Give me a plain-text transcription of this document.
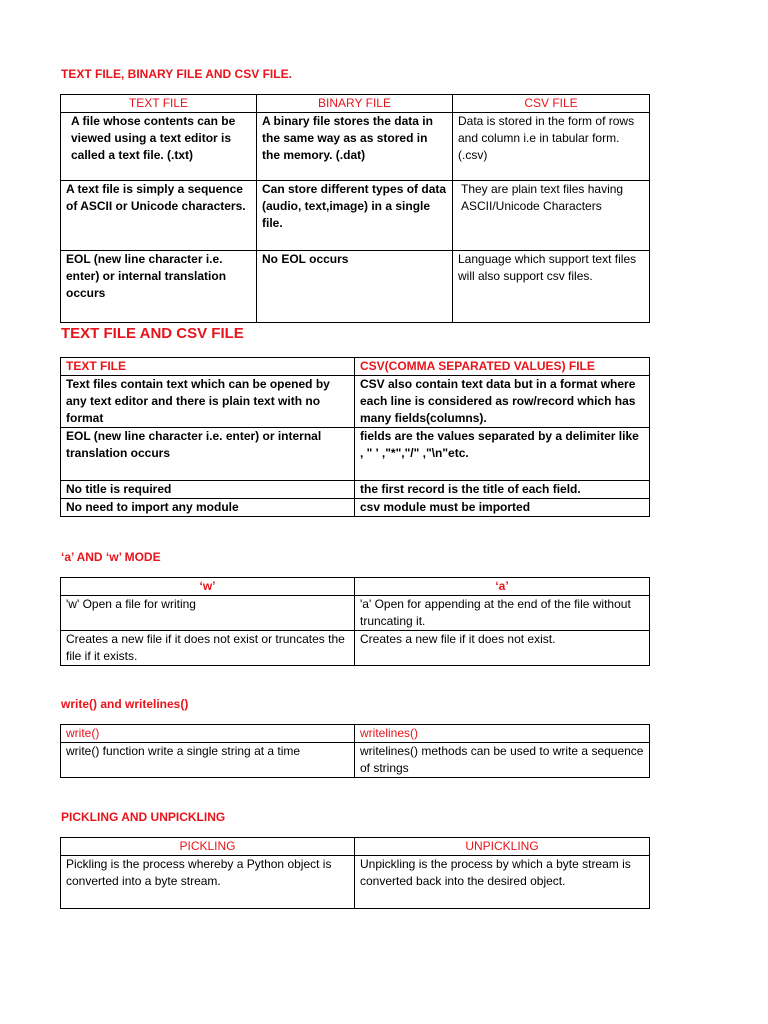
TEXT FILE, BINARY FILE AND CSV FILE.

TEXT FILE	BINARY FILE	CSV FILE
A file whose contents can be viewed using a text editor is called a text file. (.txt)	A binary file stores the data in the same way as as stored in the memory. (.dat)	Data is stored in the form of rows and column i.e in tabular form. (.csv)
A text file is simply a sequence of ASCII or Unicode characters.	Can store different types of data (audio, text,image) in a single file.	They are plain text files having ASCII/Unicode Characters
EOL (new line character i.e. enter) or internal translation occurs	No EOL occurs	Language which support text files will also support csv files.

TEXT FILE AND CSV FILE

TEXT FILE	CSV(COMMA SEPARATED VALUES) FILE
Text files contain text which can be opened by any text editor and there is plain text with no format	CSV also contain text data but in a format where each line is considered as row/record which has many fields(columns).
EOL (new line character i.e. enter) or internal translation occurs	fields are the values separated by a delimiter like , " ' ,"*","/" ,"\n"etc.
No title is required	the first record is the title of each field.
No need to import any module	csv module must be imported

‘a’ AND ‘w’ MODE

‘w’	‘a’
'w' Open a file for writing	'a' Open for appending at the end of the file without truncating it.
Creates a new file if it does not exist or truncates the file if it exists.	Creates a new file if it does not exist.

write() and writelines()

write()	writelines()
write() function write a single string at a time	writelines() methods can be used to write a sequence of strings

PICKLING AND UNPICKLING

PICKLING	UNPICKLING
Pickling is the process whereby a Python object is converted into a byte stream.	Unpickling is the process by which a byte stream is converted back into the desired object.
